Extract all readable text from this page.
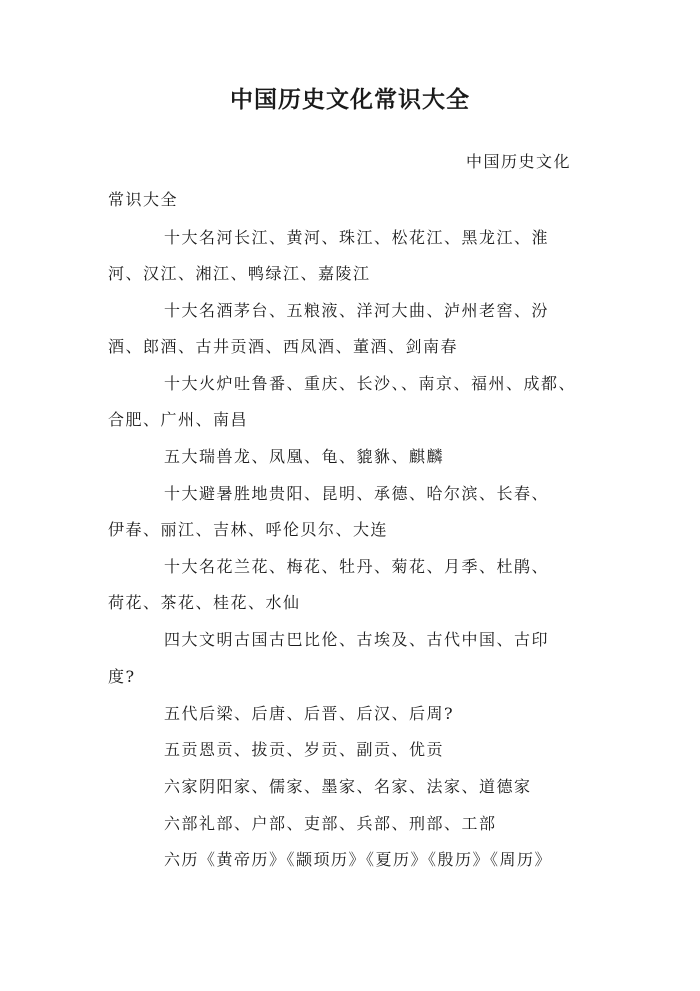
中国历史文化常识大全
中国历史文化
常识大全
十大名河长江、黄河、珠江、松花江、黑龙江、淮
河、汉江、湘江、鸭绿江、嘉陵江
十大名酒茅台、五粮液、洋河大曲、泸州老窖、汾
酒、郎酒、古井贡酒、西凤酒、董酒、剑南春
十大火炉吐鲁番、重庆、长沙、、南京、福州、成都、
合肥、广州、南昌
五大瑞兽龙、凤凰、龟、貔貅、麒麟
十大避暑胜地贵阳、昆明、承德、哈尔滨、长春、
伊春、丽江、吉林、呼伦贝尔、大连
十大名花兰花、梅花、牡丹、菊花、月季、杜鹃、
荷花、茶花、桂花、水仙
四大文明古国古巴比伦、古埃及、古代中国、古印
度?
五代后梁、后唐、后晋、后汉、后周?
五贡恩贡、拔贡、岁贡、副贡、优贡
六家阴阳家、儒家、墨家、名家、法家、道德家
六部礼部、户部、吏部、兵部、刑部、工部
六历《黄帝历》《颛顼历》《夏历》《殷历》《周历》
